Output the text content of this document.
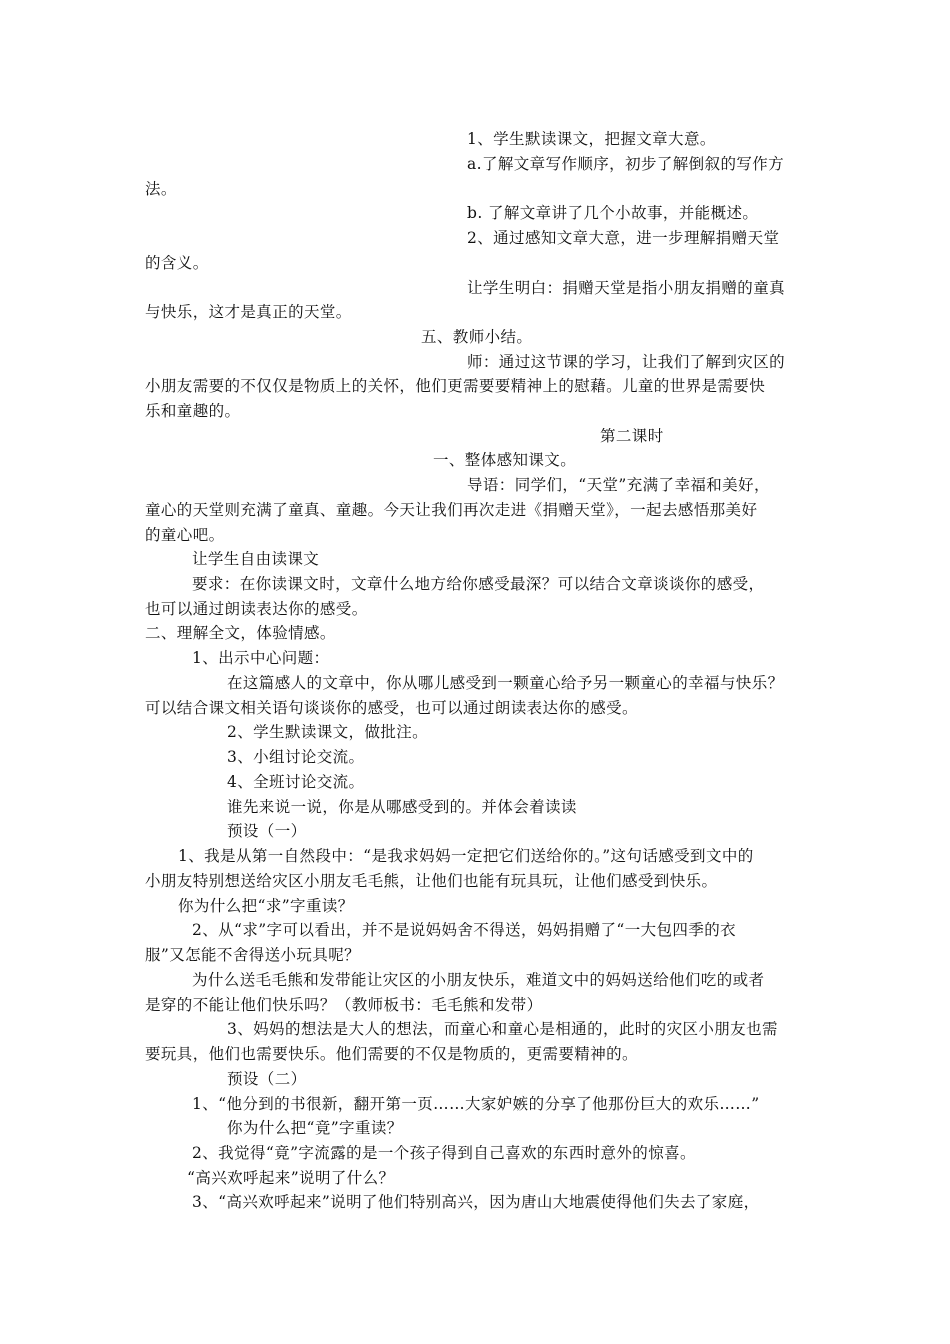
1、学生默读课文，把握文章大意。

a.了解文章写作顺序，初步了解倒叙的写作方

法。

b. 了解文章讲了几个小故事，并能概述。

2、通过感知文章大意，进一步理解捐赠天堂

的含义。

让学生明白：捐赠天堂是指小朋友捐赠的童真

与快乐，这才是真正的天堂。

五、教师小结。

师：通过这节课的学习，让我们了解到灾区的

小朋友需要的不仅仅是物质上的关怀，他们更需要要精神上的慰藉。儿童的世界是需要快

乐和童趣的。

第二课时

一、整体感知课文。

导语：同学们，“天堂”充满了幸福和美好，

童心的天堂则充满了童真、童趣。今天让我们再次走进《捐赠天堂》，一起去感悟那美好

的童心吧。

让学生自由读课文

要求：在你读课文时，文章什么地方给你感受最深？可以结合文章谈谈你的感受，

也可以通过朗读表达你的感受。

二、理解全文，体验情感。

1、出示中心问题：

在这篇感人的文章中，你从哪儿感受到一颗童心给予另一颗童心的幸福与快乐？

可以结合课文相关语句谈谈你的感受，也可以通过朗读表达你的感受。

2、学生默读课文，做批注。

3、小组讨论交流。

4、全班讨论交流。

谁先来说一说，你是从哪感受到的。并体会着读读

预设（一）

1、我是从第一自然段中：“是我求妈妈一定把它们送给你的。”这句话感受到文中的

小朋友特别想送给灾区小朋友毛毛熊，让他们也能有玩具玩，让他们感受到快乐。

你为什么把“求”字重读？

2、从“求”字可以看出，并不是说妈妈舍不得送，妈妈捐赠了“一大包四季的衣

服”又怎能不舍得送小玩具呢？

为什么送毛毛熊和发带能让灾区的小朋友快乐，难道文中的妈妈送给他们吃的或者

是穿的不能让他们快乐吗？（教师板书：毛毛熊和发带）

3、妈妈的想法是大人的想法，而童心和童心是相通的，此时的灾区小朋友也需

要玩具，他们也需要快乐。他们需要的不仅是物质的，更需要精神的。

预设（二）

1、“他分到的书很新，翻开第一页……大家妒嫉的分享了他那份巨大的欢乐……”

你为什么把“竟”字重读？

2、我觉得“竟”字流露的是一个孩子得到自己喜欢的东西时意外的惊喜。

“高兴欢呼起来”说明了什么？

3、“高兴欢呼起来”说明了他们特别高兴，因为唐山大地震使得他们失去了家庭，
